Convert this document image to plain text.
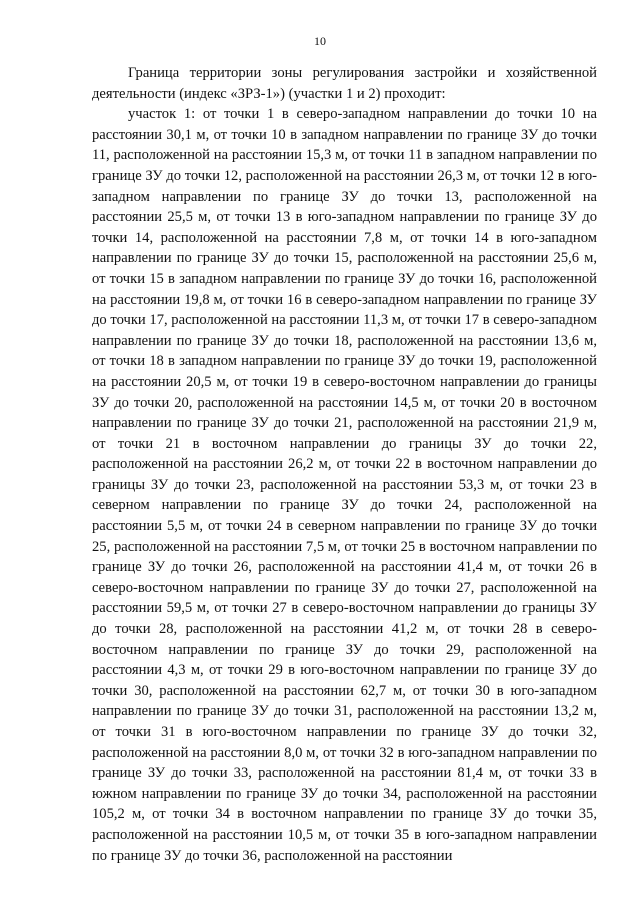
10

Граница территории зоны регулирования застройки и хозяйственной деятельности (индекс «ЗРЗ-1») (участки 1 и 2) проходит:

участок 1: от точки 1 в северо-западном направлении до точки 10 на расстоянии 30,1 м, от точки 10 в западном направлении по границе ЗУ до точки 11, расположенной на расстоянии 15,3 м, от точки 11 в западном направлении по границе ЗУ до точки 12, расположенной на расстоянии 26,3 м, от точки 12 в юго-западном направлении по границе ЗУ до точки 13, расположенной на расстоянии 25,5 м, от точки 13 в юго-западном направлении по границе ЗУ до точки 14, расположенной на расстоянии 7,8 м, от точки 14 в юго-западном направлении по границе ЗУ до точки 15, расположенной на расстоянии 25,6 м, от точки 15 в западном направлении по границе ЗУ до точки 16, расположенной на расстоянии 19,8 м, от точки 16 в северо-западном направлении по границе ЗУ до точки 17, расположенной на расстоянии 11,3 м, от точки 17 в северо-западном направлении по границе ЗУ до точки 18, расположенной на расстоянии 13,6 м, от точки 18 в западном направлении по границе ЗУ до точки 19, расположенной на расстоянии 20,5 м, от точки 19 в северо-восточном направлении до границы ЗУ до точки 20, расположенной на расстоянии 14,5 м, от точки 20 в восточном направлении по границе ЗУ до точки 21, расположенной на расстоянии 21,9 м, от точки 21 в восточном направлении до границы ЗУ до точки 22, расположенной на расстоянии 26,2 м, от точки 22 в восточном направлении до границы ЗУ до точки 23, расположенной на расстоянии 53,3 м, от точки 23 в северном направлении по границе ЗУ до точки 24, расположенной на расстоянии 5,5 м, от точки 24 в северном направлении по границе ЗУ до точки 25, расположенной на расстоянии 7,5 м, от точки 25 в восточном направлении по границе ЗУ до точки 26, расположенной на расстоянии 41,4 м, от точки 26 в северо-восточном направлении по границе ЗУ до точки 27, расположенной на расстоянии 59,5 м, от точки 27 в северо-восточном направлении до границы ЗУ до точки 28, расположенной на расстоянии 41,2 м, от точки 28 в северо-восточном направлении по границе ЗУ до точки 29, расположенной на расстоянии 4,3 м, от точки 29 в юго-восточном направлении по границе ЗУ до точки 30, расположенной на расстоянии 62,7 м, от точки 30 в юго-западном направлении по границе ЗУ до точки 31, расположенной на расстоянии 13,2 м, от точки 31 в юго-восточном направлении по границе ЗУ до точки 32, расположенной на расстоянии 8,0 м, от точки 32 в юго-западном направлении по границе ЗУ до точки 33, расположенной на расстоянии 81,4 м, от точки 33 в южном направлении по границе ЗУ до точки 34, расположенной на расстоянии 105,2 м, от точки 34 в восточном направлении по границе ЗУ до точки 35, расположенной на расстоянии 10,5 м, от точки 35 в юго-западном направлении по границе ЗУ до точки 36, расположенной на расстоянии
